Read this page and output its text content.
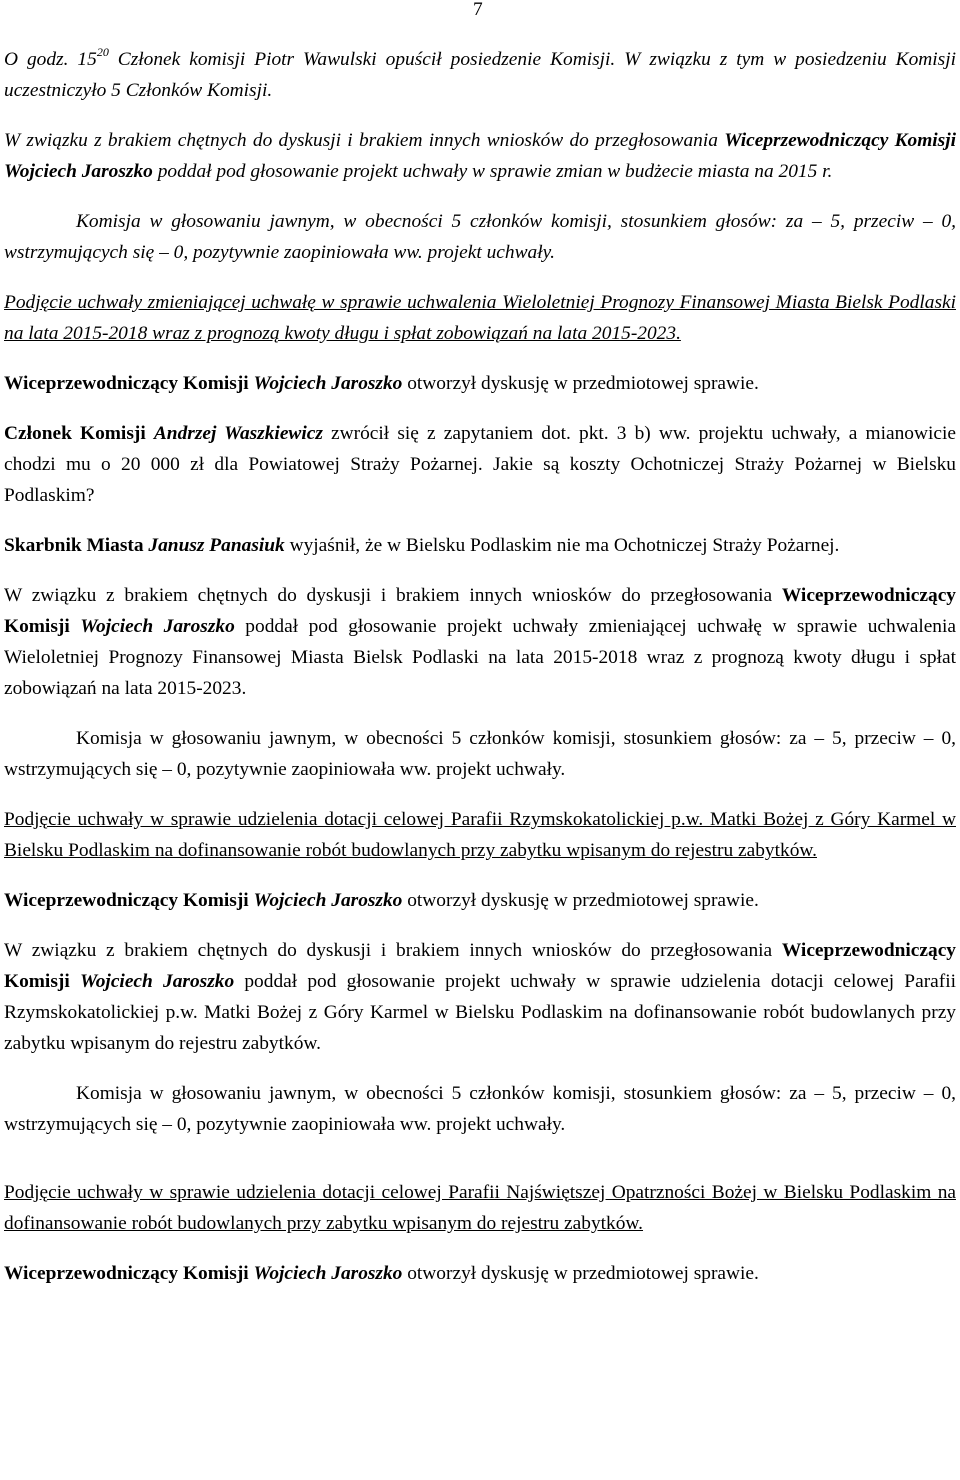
7

O godz. $15^{20}$ Członek komisji Piotr Wawulski opuścił posiedzenie Komisji. W związku z tym w posiedzeniu Komisji uczestniczyło 5 Członków Komisji.

W związku z brakiem chętnych do dyskusji i brakiem innych wniosków do przegłosowania Wiceprzewodniczący Komisji Wojciech Jaroszko poddał pod głosowanie projekt uchwały w sprawie zmian w budżecie miasta na 2015 r.

Komisja w głosowaniu jawnym, w obecności 5 członków komisji, stosunkiem głosów: za – 5, przeciw – 0, wstrzymujących się – 0, pozytywnie zaopiniowała ww. projekt uchwały.

Podjęcie uchwały zmieniającej uchwałę w sprawie uchwalenia Wieloletniej Prognozy Finansowej Miasta Bielsk Podlaski na lata 2015-2018 wraz z prognozą kwoty długu i spłat zobowiązań na lata 2015-2023.

Wiceprzewodniczący Komisji Wojciech Jaroszko otworzył dyskusję w przedmiotowej sprawie.

Członek Komisji Andrzej Waszkiewicz zwrócił się z zapytaniem dot. pkt. 3 b) ww. projektu uchwały, a mianowicie chodzi mu o 20 000 zł dla Powiatowej Straży Pożarnej. Jakie są koszty Ochotniczej Straży Pożarnej w Bielsku Podlaskim?

Skarbnik Miasta Janusz Panasiuk wyjaśnił, że w Bielsku Podlaskim nie ma Ochotniczej Straży Pożarnej.

W związku z brakiem chętnych do dyskusji i brakiem innych wniosków do przegłosowania Wiceprzewodniczący Komisji Wojciech Jaroszko poddał pod głosowanie projekt uchwały zmieniającej uchwałę w sprawie uchwalenia Wieloletniej Prognozy Finansowej Miasta Bielsk Podlaski na lata 2015-2018 wraz z prognozą kwoty długu i spłat zobowiązań na lata 2015-2023.

Komisja w głosowaniu jawnym, w obecności 5 członków komisji, stosunkiem głosów: za – 5, przeciw – 0, wstrzymujących się – 0, pozytywnie zaopiniowała ww. projekt uchwały.

Podjęcie uchwały w sprawie udzielenia dotacji celowej Parafii Rzymskokatolickiej p.w. Matki Bożej z Góry Karmel w Bielsku Podlaskim na dofinansowanie robót budowlanych przy zabytku wpisanym do rejestru zabytków.

Wiceprzewodniczący Komisji Wojciech Jaroszko otworzył dyskusję w przedmiotowej sprawie.

W związku z brakiem chętnych do dyskusji i brakiem innych wniosków do przegłosowania Wiceprzewodniczący Komisji Wojciech Jaroszko poddał pod głosowanie projekt uchwały w sprawie udzielenia dotacji celowej Parafii Rzymskokatolickiej p.w. Matki Bożej z Góry Karmel w Bielsku Podlaskim na dofinansowanie robót budowlanych przy zabytku wpisanym do rejestru zabytków.

Komisja w głosowaniu jawnym, w obecności 5 członków komisji, stosunkiem głosów: za – 5, przeciw – 0, wstrzymujących się – 0, pozytywnie zaopiniowała ww. projekt uchwały.

Podjęcie uchwały w sprawie udzielenia dotacji celowej Parafii Najświętszej Opatrzności Bożej w Bielsku Podlaskim na dofinansowanie robót budowlanych przy zabytku wpisanym do rejestru zabytków.

Wiceprzewodniczący Komisji Wojciech Jaroszko otworzył dyskusję w przedmiotowej sprawie.
